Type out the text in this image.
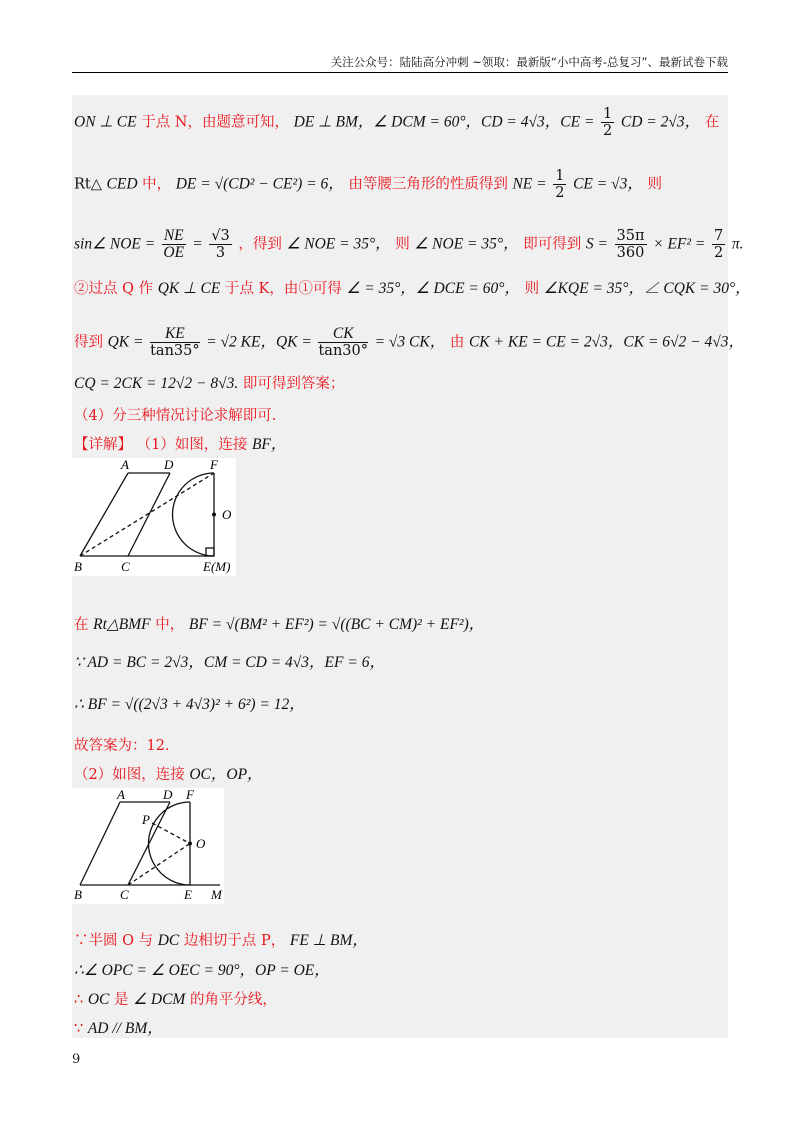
关注公众号：陆陆高分冲刺 ~领取：最新版“小中高考-总复习”、最新试卷下载
ON ⊥ CE 于点 N，由题意可知， DE ⊥ BM，∠ DCM = 60°，CD = 4√3，CE = $\frac{1}{2}$ CD = 2√3， 在
Rt△ CED 中， DE = √(CD² − CE²) = 6， 由等腰三角形的性质得到 NE = $\frac{1}{2}$ CE = √3， 则
sin∠ NOE = $\frac{NE}{OE} = \frac{√3}{3}$ ，得到 ∠ NOE = 35°， 则 ∠ NOE = 35°， 即可得到 $S = \frac{35\pi}{360} \times EF^2 = \frac{7}{2} \pi$.
②过点 Q 作 QK ⊥ CE 于点 K，由①可得 ∠ = 35°，∠ DCE = 60°， 则 ∠KQE = 35°，∠ CQK = 30°，
得到 QK = $\frac{KE}{\tan 35^\circ} = √2$ KE，QK = $\frac{CK}{\tan 30^\circ} = √3$ CK， 由 CK + KE = CE = 2√3，CK = 6√2 − 4√3，
CQ = 2CK = 12√2 − 8√3. 即可得到答案；
（4）分三种情况讨论求解即可.
【详解】 （1）如图，连接 BF，
A	D	F
O
B	C	E(M)
在 Rt△BMF 中， BF = √(BM² + EF²) = √((BC + CM)² + EF²)，
∵ AD = BC = 2√3，CM = CD = 4√3，EF = 6，
∴ BF = √((2√3 + 4√3)² + 6²) = 12，
故答案为：12.
（2）如图，连接 OC，OP，
A	D F
P
O
B	C	E M
∵半圆 O 与 DC 边相切于点 P， FE ⊥ BM，
∴∠ OPC = ∠ OEC = 90°，OP = OE，
∴ OC 是 ∠ DCM 的角平分线，
∵ AD // BM，
9
